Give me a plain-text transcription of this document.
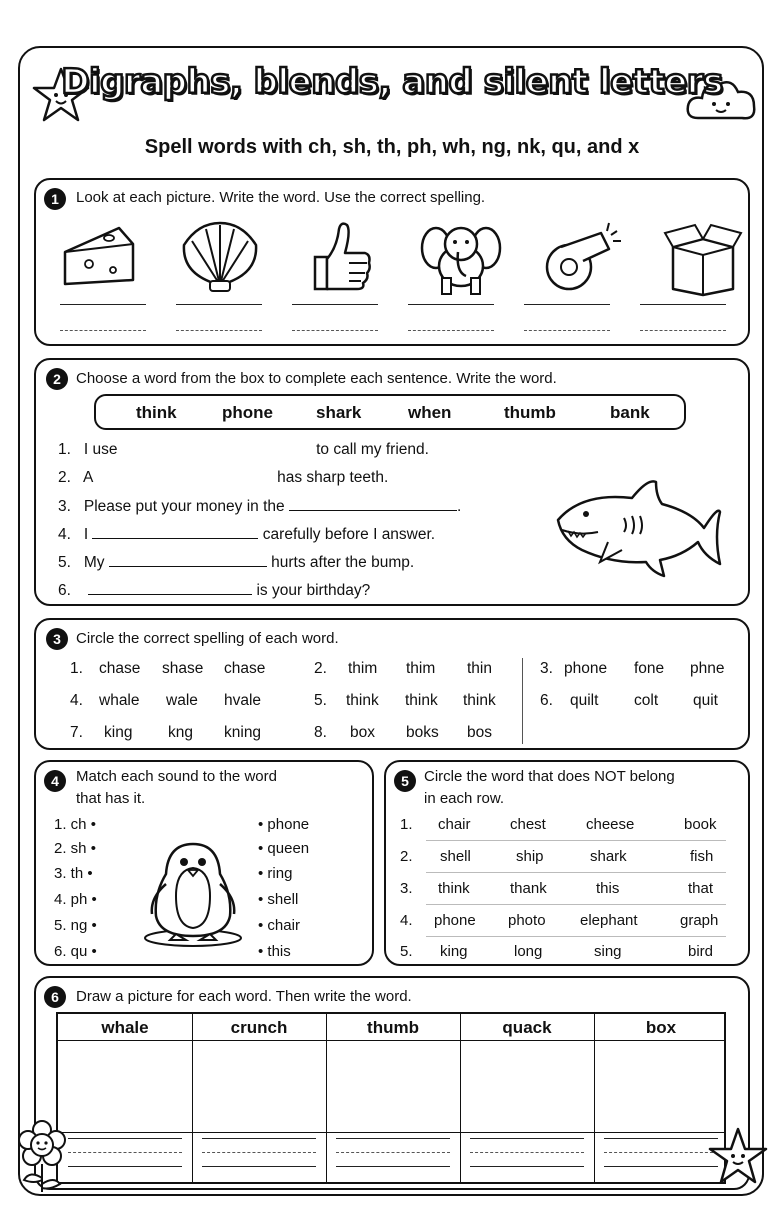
Digraphs, blends, and silent letters
Spell words with ch, sh, th, ph, wh, ng, nk, qu, and x
1	Look at each picture. Write the word. Use the correct spelling.
2	Choose a word from the box to complete each sentence. Write the word.
think	phone	shark	when	thumb	bank
1. I use	to call my friend.
2. A	has sharp teeth.
3. Please put your money in the	.
4. I	carefully before I answer.
5. My	hurts after the bump.
6.	is your birthday?
3	Circle the correct spelling of each word.
1. chase shase chase	2. thim thim thin	3. phone fone phne
4. whale wale hvale	5. think think think	6. quilt colt quit
7. king kng kning	8. box boks bos
4	Match each sound to the word
that has it.
1. ch •
2. sh •
3. th •
4. ph •
5. ng •
6. qu •
• phone
• queen
• ring
• shell
• chair
• this
5	Circle the word that does NOT belong
in each row.
1. chair	chest	cheese	book
2. shell	ship	shark	fish
3. think	thank	this	that
4. phone photo elephant	graph
5. king	long	sing	bird
6	Draw a picture for each word. Then write the word.
whale	crunch	thumb	quack	box
